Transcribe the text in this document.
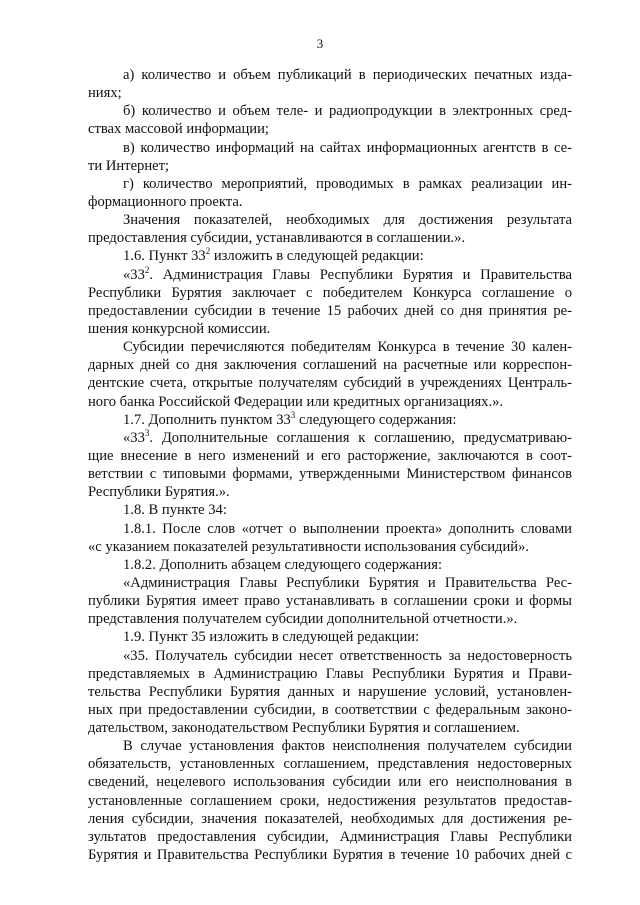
3
а) количество и объем публикаций в периодических печатных изда-
ниях;
б) количество и объем теле- и радиопродукции в электронных сред-
ствах массовой информации;
в) количество информаций на сайтах информационных агентств в се-
ти Интернет;
г) количество мероприятий, проводимых в рамках реализации ин-
формационного проекта.
Значения показателей, необходимых для достижения результата
предоставления субсидии, устанавливаются в соглашении.».
1.6. Пункт $33^2$ изложить в следующей редакции:
«$33^2$. Администрация Главы Республики Бурятия и Правительства
Республики Бурятия заключает с победителем Конкурса соглашение о
предоставлении субсидии в течение 15 рабочих дней со дня принятия ре-
шения конкурсной комиссии.
Субсидии перечисляются победителям Конкурса в течение 30 кален-
дарных дней со дня заключения соглашений на расчетные или корреспон-
дентские счета, открытые получателям субсидий в учреждениях Централь-
ного банка Российской Федерации или кредитных организациях.».
1.7. Дополнить пунктом $33^3$ следующего содержания:
«$33^3$. Дополнительные соглашения к соглашению, предусматриваю-
щие внесение в него изменений и его расторжение, заключаются в соот-
ветствии с типовыми формами, утвержденными Министерством финансов
Республики Бурятия.».
1.8. В пункте 34:
1.8.1. После слов «отчет о выполнении проекта» дополнить словами
«с указанием показателей результативности использования субсидий».
1.8.2. Дополнить абзацем следующего содержания:
«Администрация Главы Республики Бурятия и Правительства Рес-
публики Бурятия имеет право устанавливать в соглашении сроки и формы
представления получателем субсидии дополнительной отчетности.».
1.9. Пункт 35 изложить в следующей редакции:
«35. Получатель субсидии несет ответственность за недостоверность
представляемых в Администрацию Главы Республики Бурятия и Прави-
тельства Республики Бурятия данных и нарушение условий, установлен-
ных при предоставлении субсидии, в соответствии с федеральным законо-
дательством, законодательством Республики Бурятия и соглашением.
В случае установления фактов неисполнения получателем субсидии
обязательств, установленных соглашением, представления недостоверных
сведений, нецелевого использования субсидии или его неисполнования в
установленные соглашением сроки, недостижения результатов предостав-
ления субсидии, значения показателей, необходимых для достижения ре-
зультатов предоставления субсидии, Администрация Главы Республики
Бурятия и Правительства Республики Бурятия в течение 10 рабочих дней с
